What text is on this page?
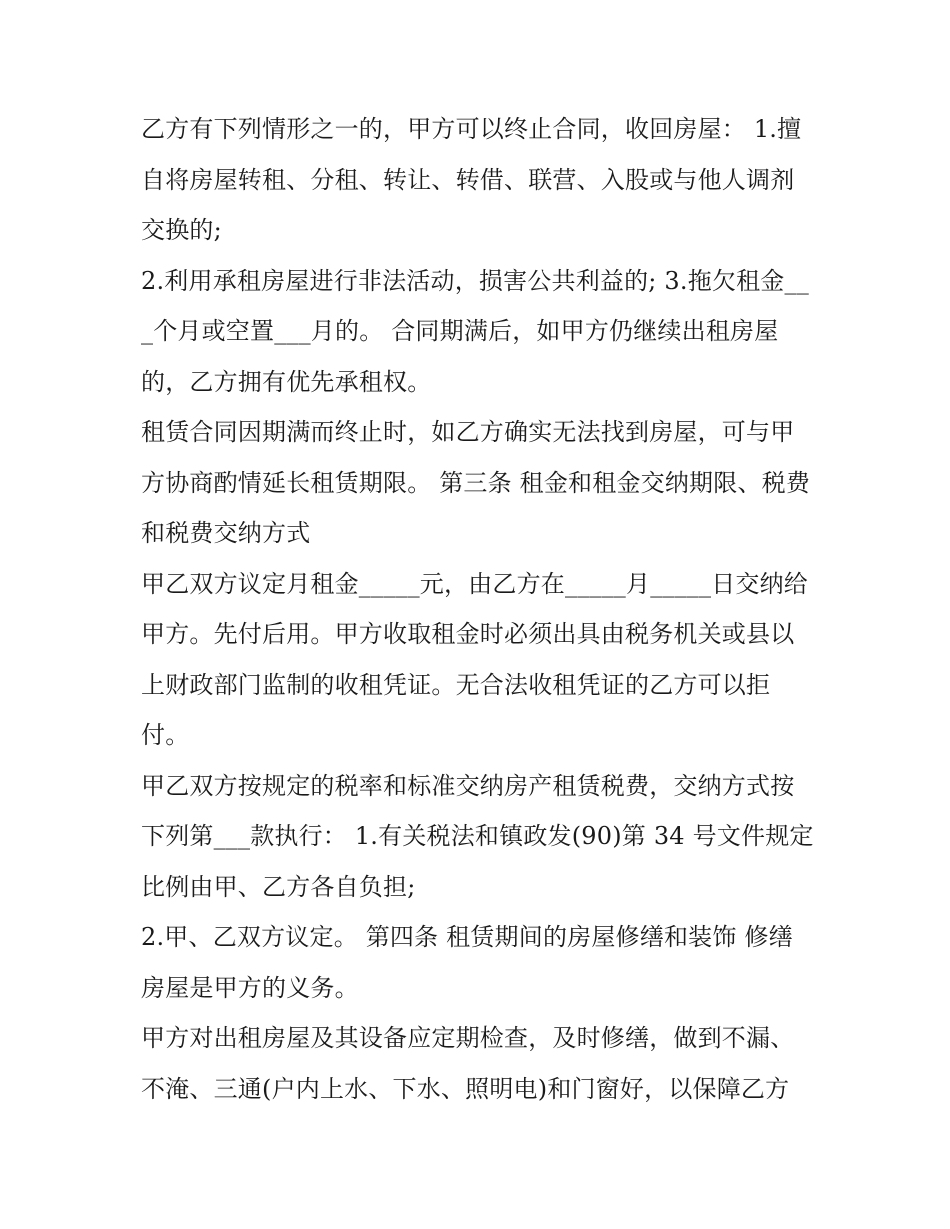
乙方有下列情形之一的，甲方可以终止合同，收回房屋： 1.擅自将房屋转租、分租、转让、转借、联营、入股或与他人调剂交换的;

2.利用承租房屋进行非法活动，损害公共利益的; 3.拖欠租金___个月或空置___月的。 合同期满后，如甲方仍继续出租房屋的，乙方拥有优先承租权。

租赁合同因期满而终止时，如乙方确实无法找到房屋，可与甲方协商酌情延长租赁期限。 第三条 租金和租金交纳期限、税费和税费交纳方式

甲乙双方议定月租金_____元，由乙方在_____月_____日交纳给甲方。先付后用。甲方收取租金时必须出具由税务机关或县以上财政部门监制的收租凭证。无合法收租凭证的乙方可以拒付。

甲乙双方按规定的税率和标准交纳房产租赁税费，交纳方式按下列第___款执行： 1.有关税法和镇政发(90)第 34 号文件规定比例由甲、乙方各自负担;

2.甲、乙双方议定。 第四条 租赁期间的房屋修缮和装饰 修缮房屋是甲方的义务。

甲方对出租房屋及其设备应定期检查，及时修缮，做到不漏、不淹、三通(户内上水、下水、照明电)和门窗好，以保障乙方
